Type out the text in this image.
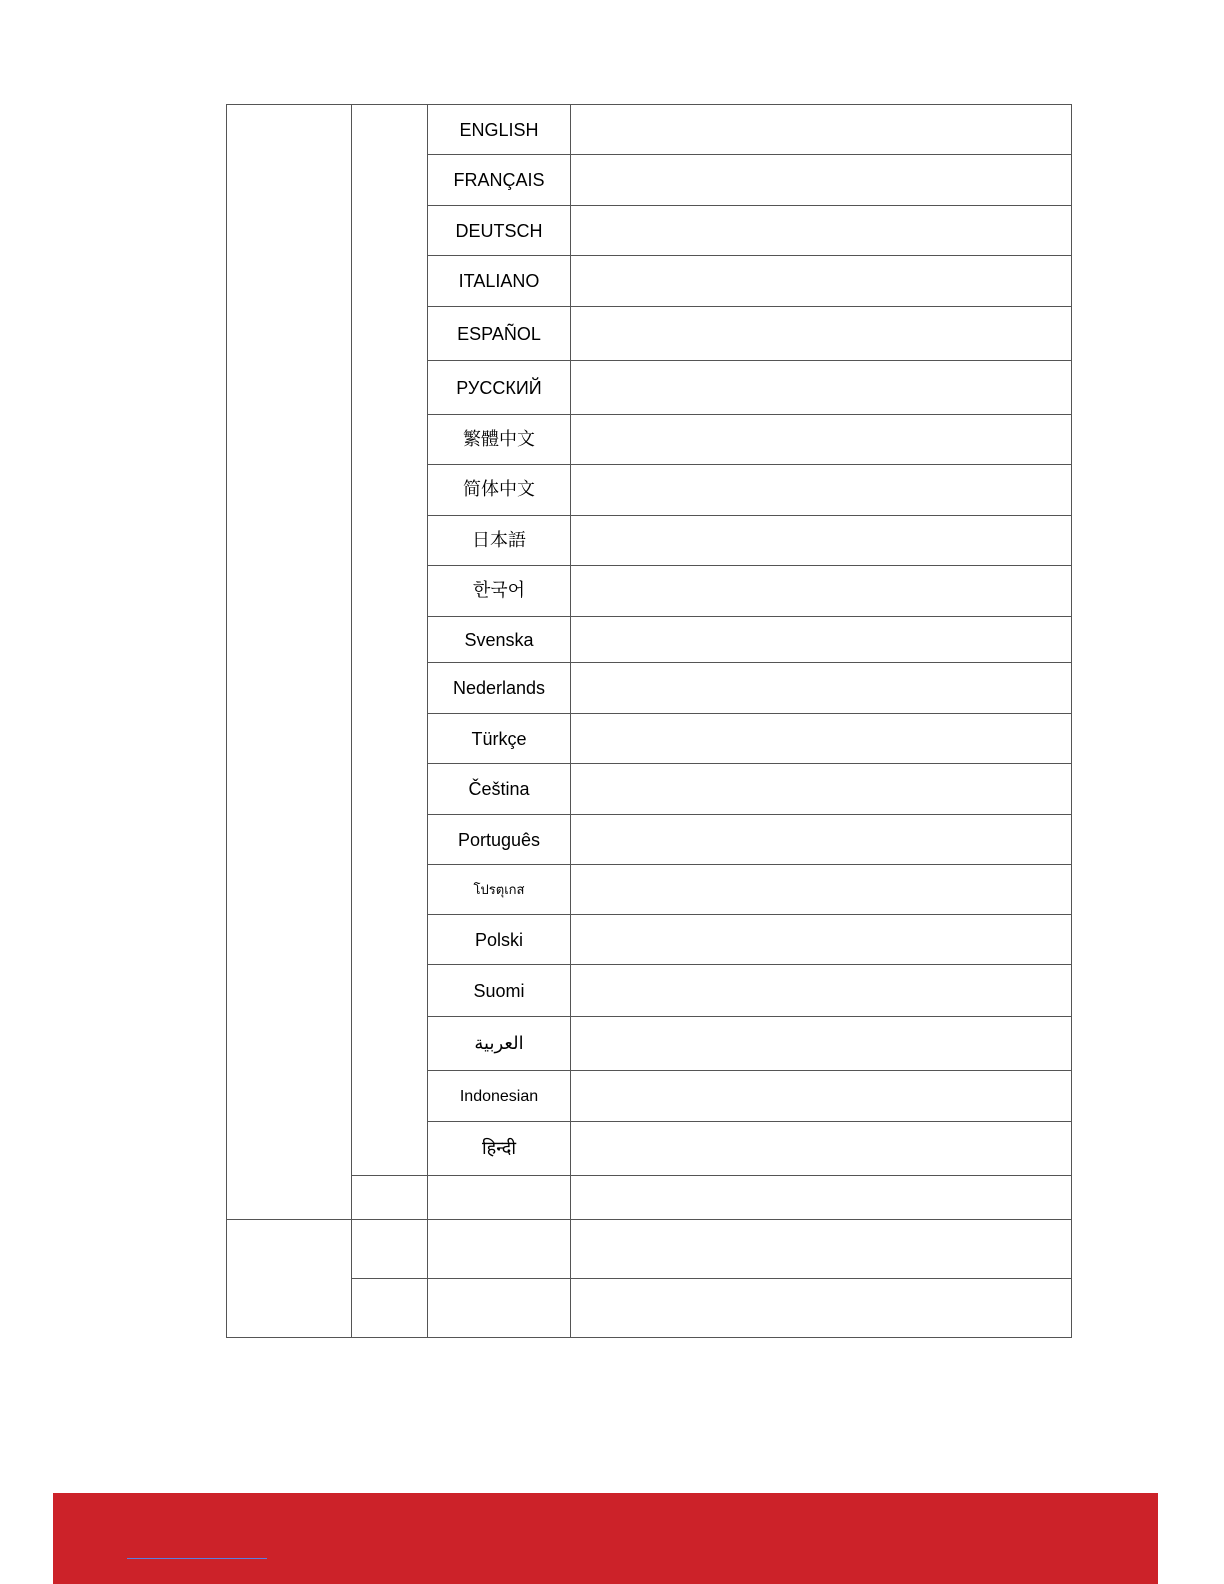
ENGLISH
FRANÇAIS
DEUTSCH
ITALIANO
ESPAÑOL
РУССКИЙ
繁體中文
简体中文
日本語
한국어
Svenska
Nederlands
Türkçe
Čeština
Português
โปรตุเกส
Polski
Suomi
العربية
Indonesian
हिन्दी
